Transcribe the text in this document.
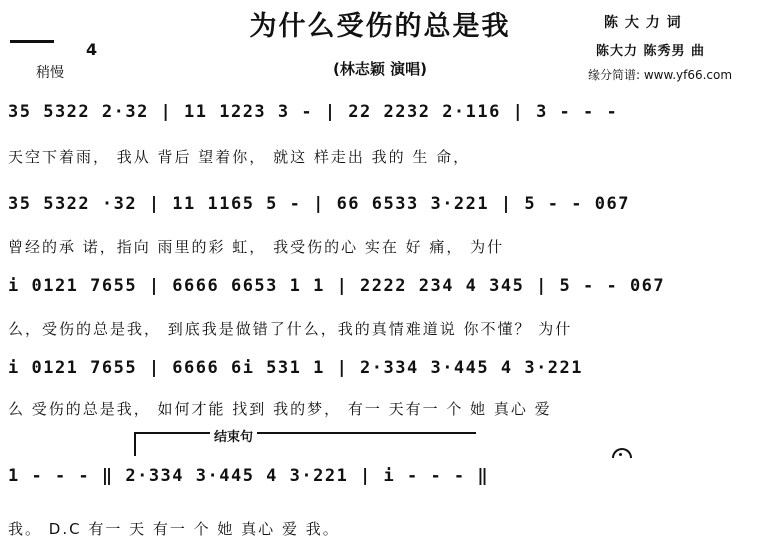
为什么受伤的总是我
(林志颖 演唱)
陈 大 力 词
陈大力 陈秀男 曲
缘分简谱: www.yf66.com
4
稍慢
35 5322 2·32 | 11 1223 3 - | 22 2232 2·116 | 3 - - -
天空下着雨， 我从 背后 望着你， 就这 样走出 我的 生 命，
35 5322 ·32 | 11 1165 5 - | 66 6533 3·221 | 5 - - 067
曾经的承 诺，指向 雨里的彩 虹， 我受伤的心 实在 好 痛， 为什
i 0121 7655 | 6666 6653 1 1 | 2222 234 4 345 | 5 - - 067
么，受伤的总是我， 到底我是做错了什么，我的真情难道说 你不懂？ 为什
i 0121 7655 | 6666 6i 531 1 | 2·334 3·445 4 3·221
么 受伤的总是我， 如何才能 找到 我的梦， 有一 天有一 个 她 真心 爱
结束句
1 - - - ‖ 2·334 3·445 4 3·221 | i - - - ‖
我。 D.C 有一 天 有一 个 她 真心 爱 我。
